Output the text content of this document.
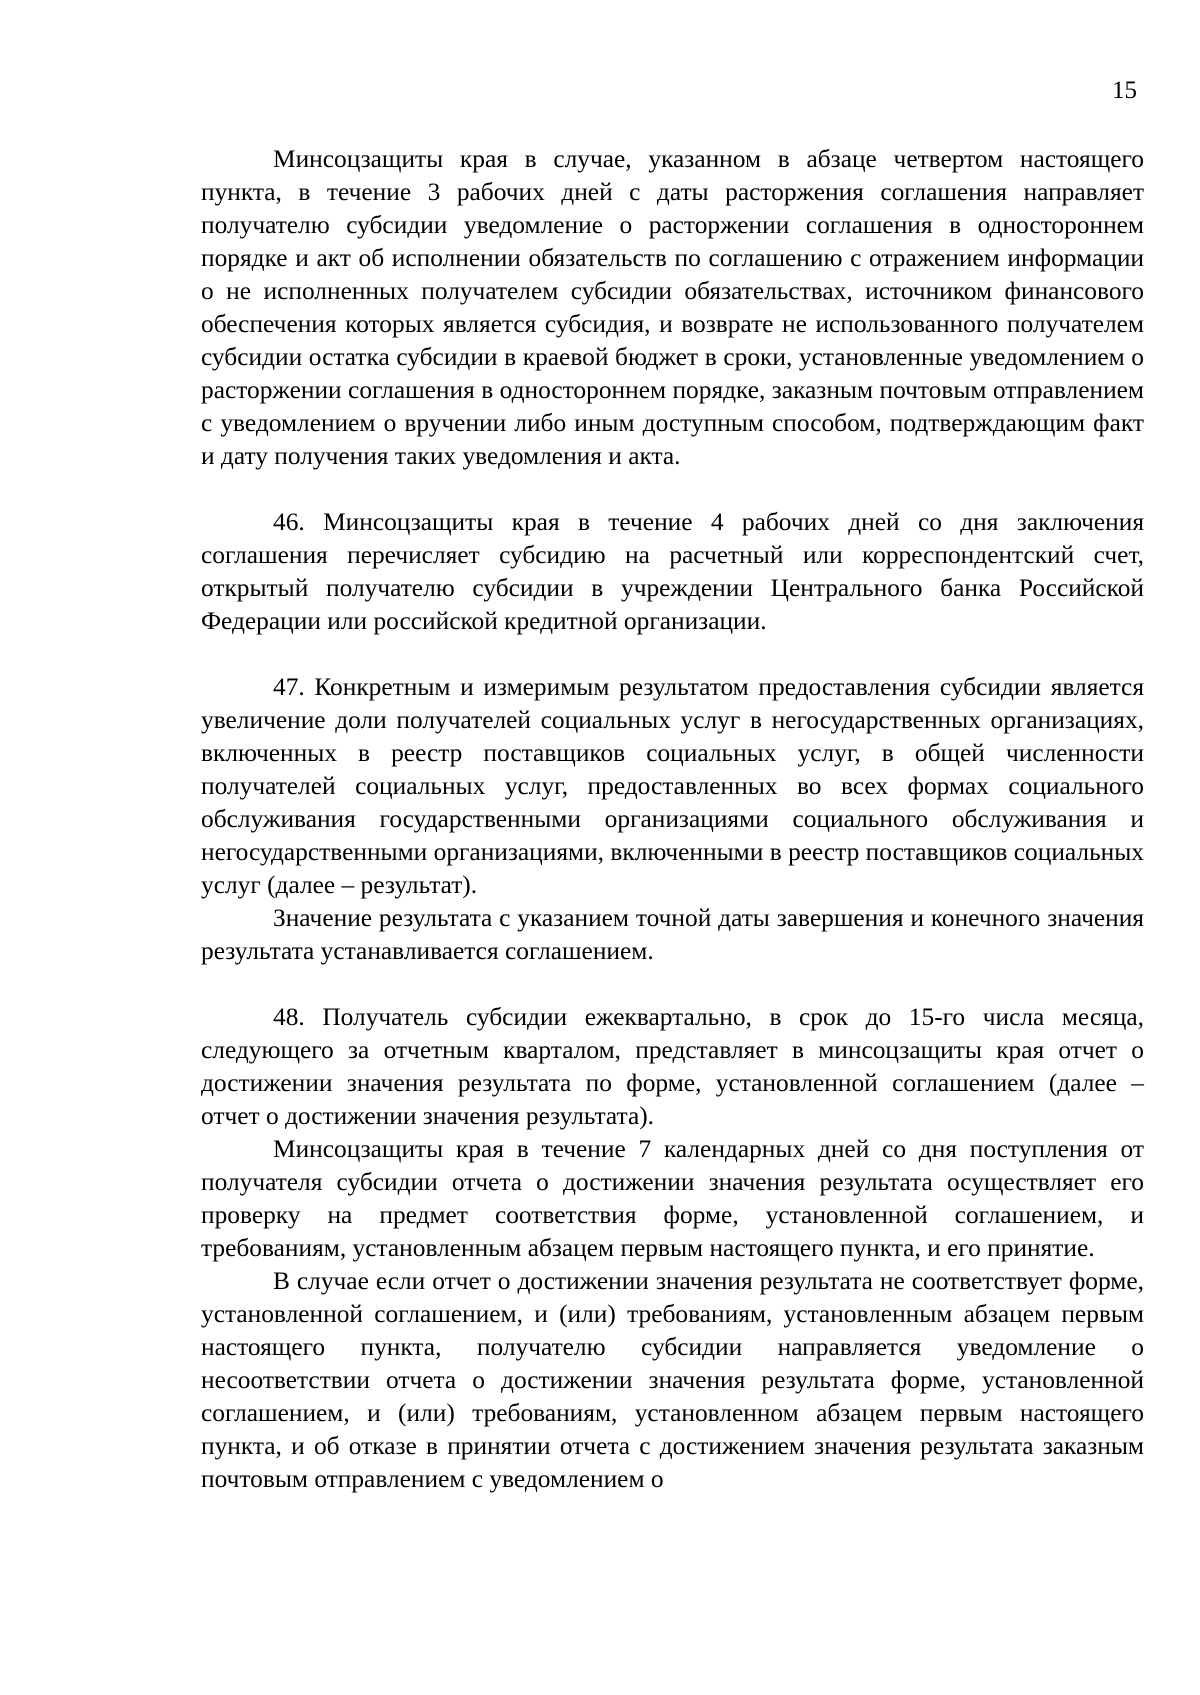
15

Минсоцзащиты края в случае, указанном в абзаце четвертом настоящего пункта, в течение 3 рабочих дней с даты расторжения соглашения направляет получателю субсидии уведомление о расторжении соглашения в одностороннем порядке и акт об исполнении обязательств по соглашению с отражением информации о не исполненных получателем субсидии обязательствах, источником финансового обеспечения которых является субсидия, и возврате не использованного получателем субсидии остатка субсидии в краевой бюджет в сроки, установленные уведомлением о расторжении соглашения в одностороннем порядке, заказным почтовым отправлением с уведомлением о вручении либо иным доступным способом, подтверждающим факт и дату получения таких уведомления и акта.

46. Минсоцзащиты края в течение 4 рабочих дней со дня заключения соглашения перечисляет субсидию на расчетный или корреспондентский счет, открытый получателю субсидии в учреждении Центрального банка Российской Федерации или российской кредитной организации.

47. Конкретным и измеримым результатом предоставления субсидии является увеличение доли получателей социальных услуг в негосударственных организациях, включенных в реестр поставщиков социальных услуг, в общей численности получателей социальных услуг, предоставленных во всех формах социального обслуживания государственными организациями социального обслуживания и негосударственными организациями, включенными в реестр поставщиков социальных услуг (далее – результат).

Значение результата с указанием точной даты завершения и конечного значения результата устанавливается соглашением.

48. Получатель субсидии ежеквартально, в срок до 15-го числа месяца, следующего за отчетным кварталом, представляет в минсоцзащиты края отчет о достижении значения результата по форме, установленной соглашением (далее – отчет о достижении значения результата).

Минсоцзащиты края в течение 7 календарных дней со дня поступления от получателя субсидии отчета о достижении значения результата осуществляет его проверку на предмет соответствия форме, установленной соглашением, и требованиям, установленным абзацем первым настоящего пункта, и его принятие.

В случае если отчет о достижении значения результата не соответствует форме, установленной соглашением, и (или) требованиям, установленным абзацем первым настоящего пункта, получателю субсидии направляется уведомление о несоответствии отчета о достижении значения результата форме, установленной соглашением, и (или) требованиям, установленном абзацем первым настоящего пункта, и об отказе в принятии отчета с достижением значения результата заказным почтовым отправлением с уведомлением о
